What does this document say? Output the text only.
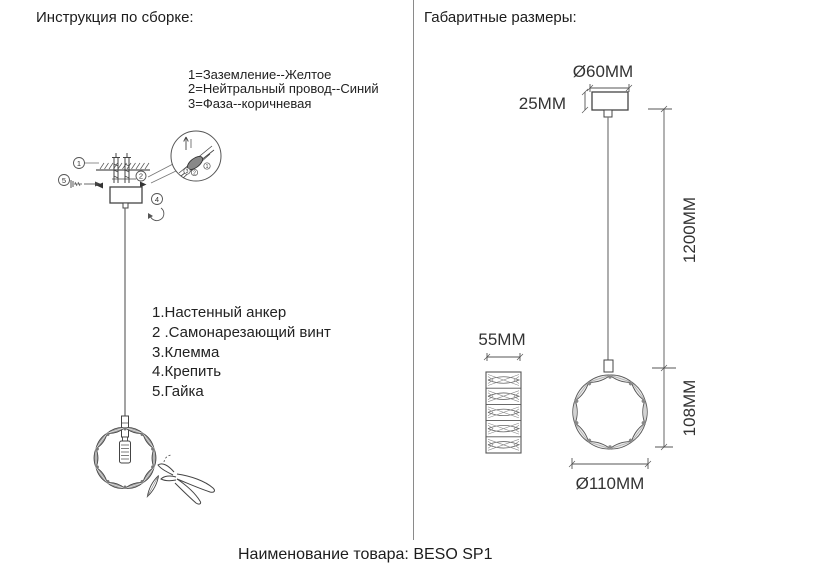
Инструкция по сборке:
1=Заземление--Желтое
2=Нейтральный провод--Синий
3=Фаза--коричневая
1.Настенный анкер
2 .Самонарезающий винт
3.Клемма
4.Крепить
5.Гайка
1
2
5
4
3 2
1
Габаритные размеры:
Ø60MM
25MM
1200MM
108MM
55MM
Ø110MM
Наименование товара: BESO SP1
